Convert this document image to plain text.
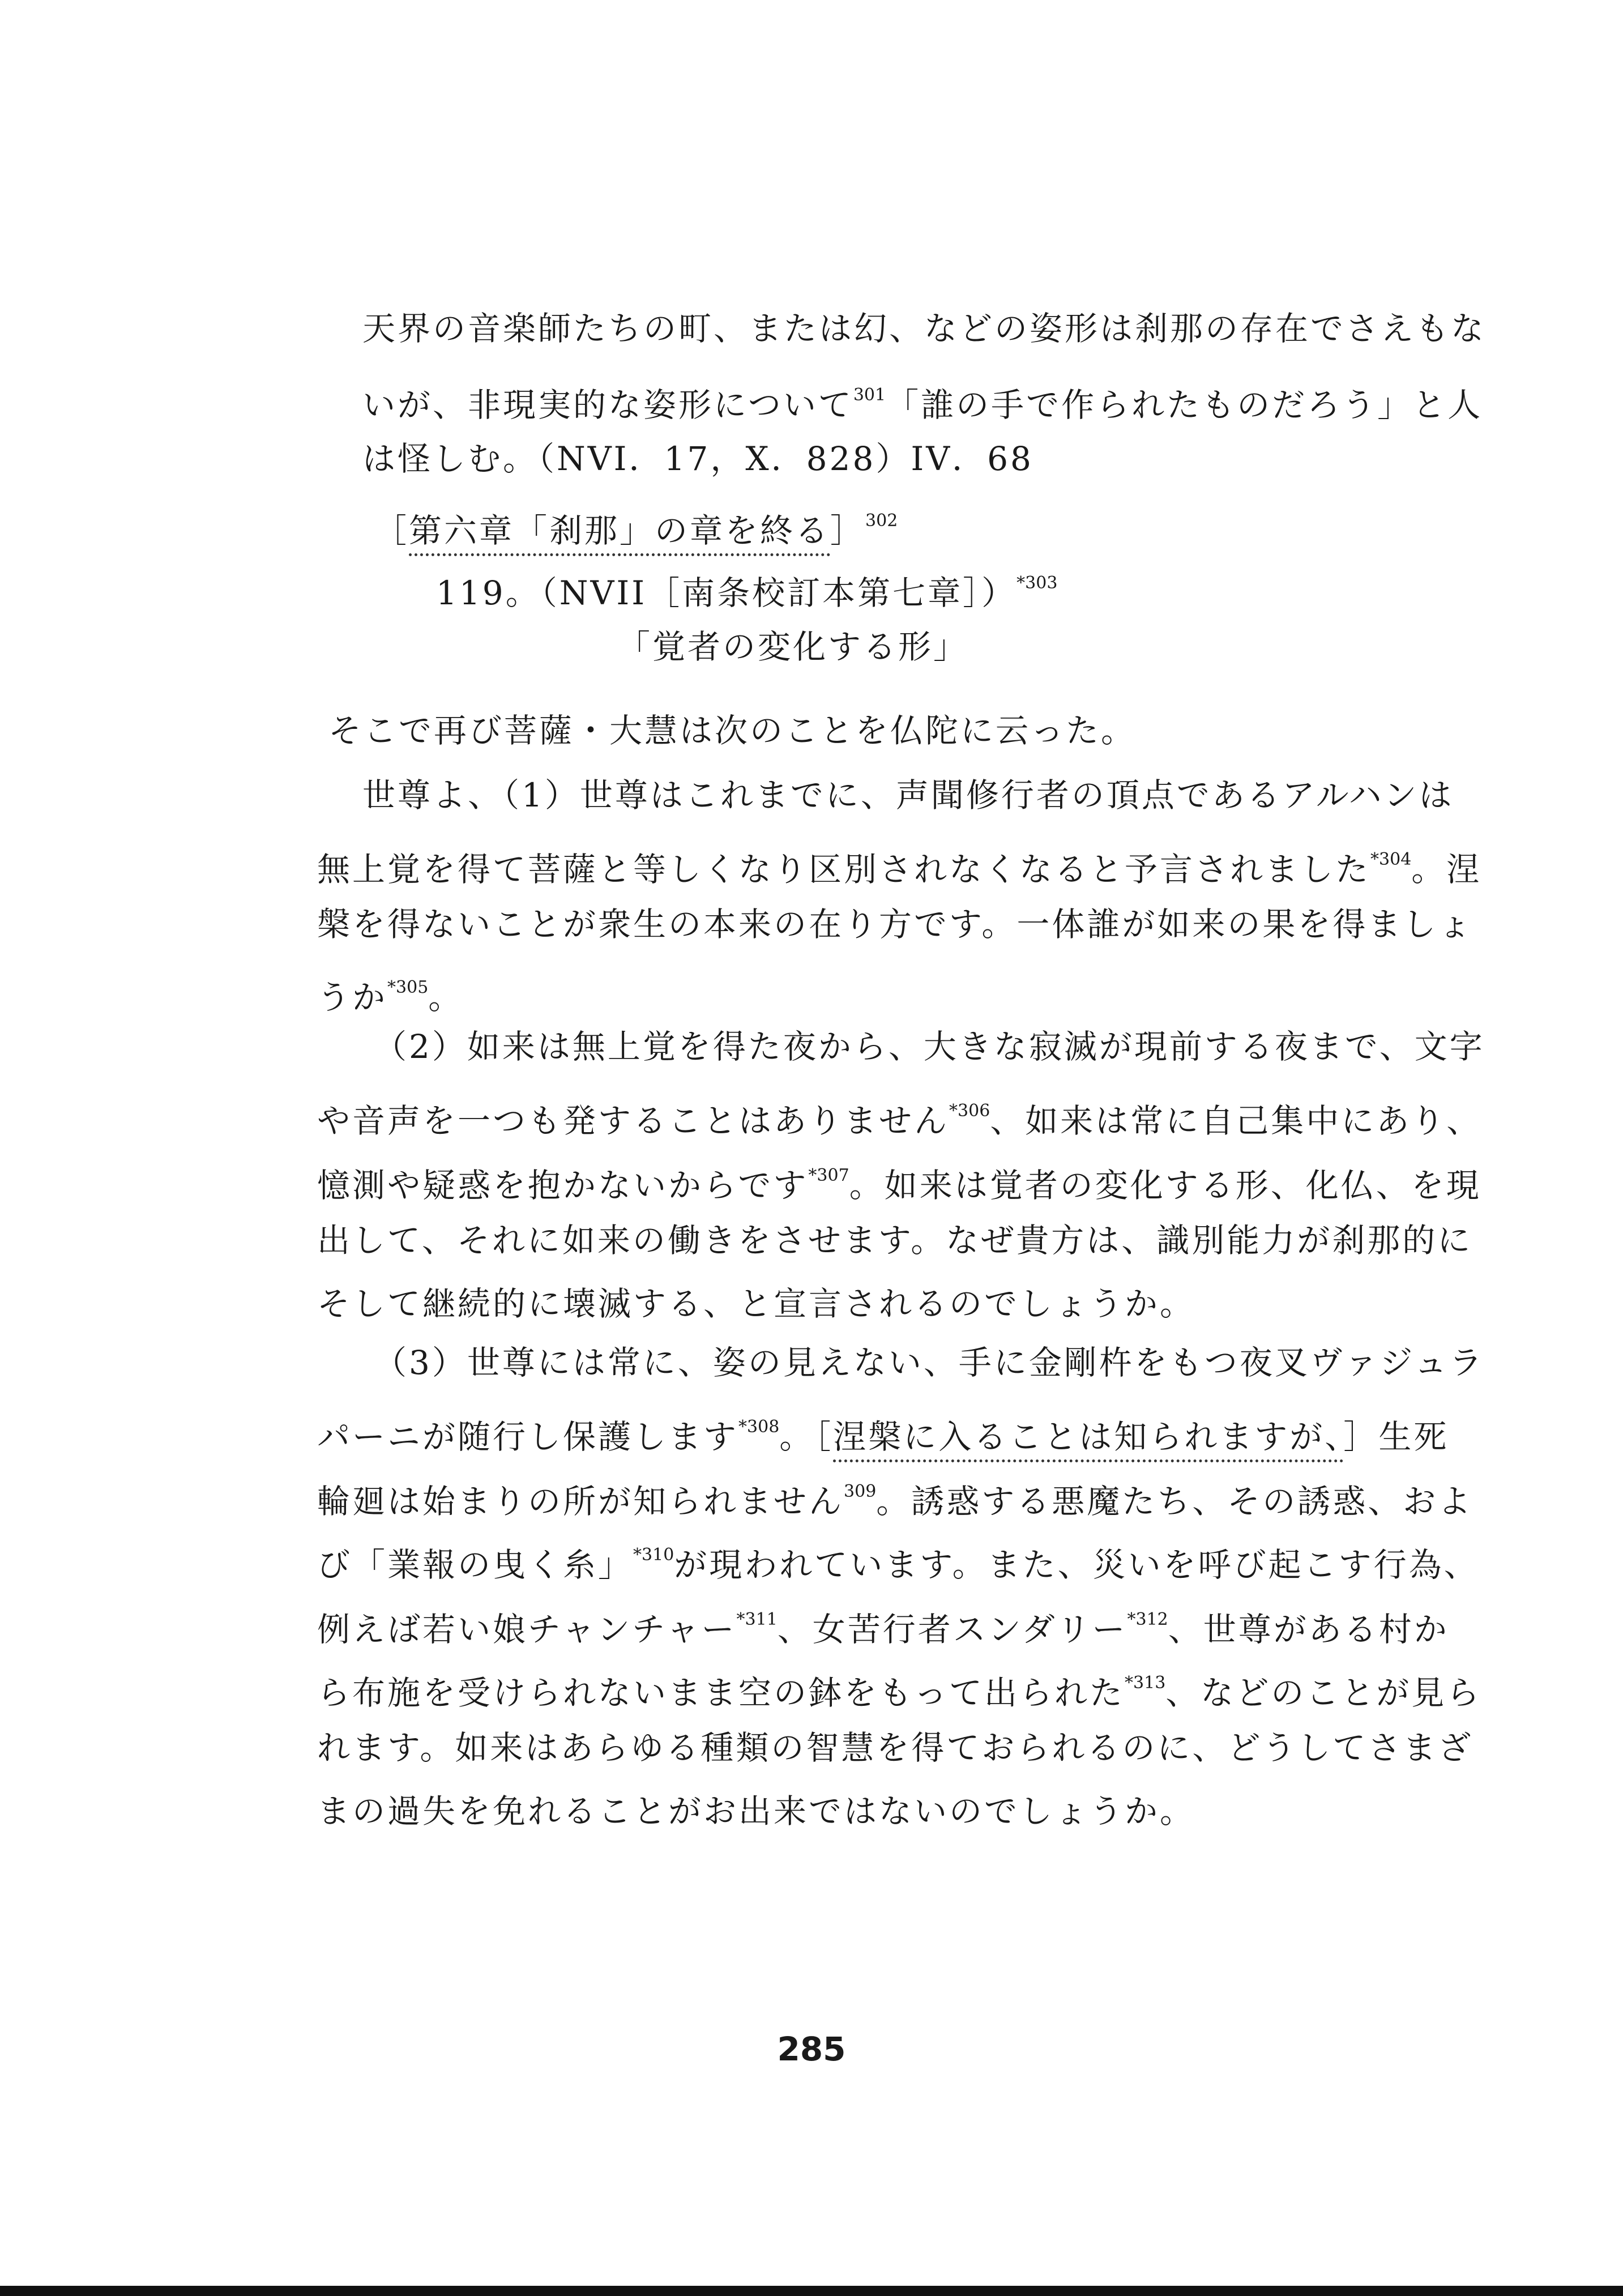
天界の音楽師たちの町、または幻、などの姿形は刹那の存在でさえもな
いが、非現実的な姿形について$^{301}$「誰の手で作られたものだろう」と人
は怪しむ。（NVI．17，X．828）IV．68
［第六章「刹那」の章を終る］$^{302}$
119。（NVII［南条校訂本第七章］）$^{*303}$
「覚者の変化する形」
そこで再び菩薩・大慧は次のことを仏陀に云った。
世尊よ、（1）世尊はこれまでに、声聞修行者の頂点であるアルハンは
無上覚を得て菩薩と等しくなり区別されなくなると予言されました$^{*304}$。涅
槃を得ないことが衆生の本来の在り方です。一体誰が如来の果を得ましょ
うか$^{*305}$。
（2）如来は無上覚を得た夜から、大きな寂滅が現前する夜まで、文字
や音声を一つも発することはありません$^{*306}$、如来は常に自己集中にあり、
憶測や疑惑を抱かないからです$^{*307}$。如来は覚者の変化する形、化仏、を現
出して、それに如来の働きをさせます。なぜ貴方は、識別能力が刹那的に
そして継続的に壊滅する、と宣言されるのでしょうか。
（3）世尊には常に、姿の見えない、手に金剛杵をもつ夜叉ヴァジュラ
パーニが随行し保護します$^{*308}$。［涅槃に入ることは知られますが、］生死
輪廻は始まりの所が知られません$^{309}$。誘惑する悪魔たち、その誘惑、およ
び「業報の曳く糸」$^{*310}$が現われています。また、災いを呼び起こす行為、
例えば若い娘チャンチャー$^{*311}$、女苦行者スンダリー$^{*312}$、世尊がある村か
ら布施を受けられないまま空の鉢をもって出られた$^{*313}$、などのことが見ら
れます。如来はあらゆる種類の智慧を得ておられるのに、どうしてさまざ
まの過失を免れることがお出来ではないのでしょうか。
285
